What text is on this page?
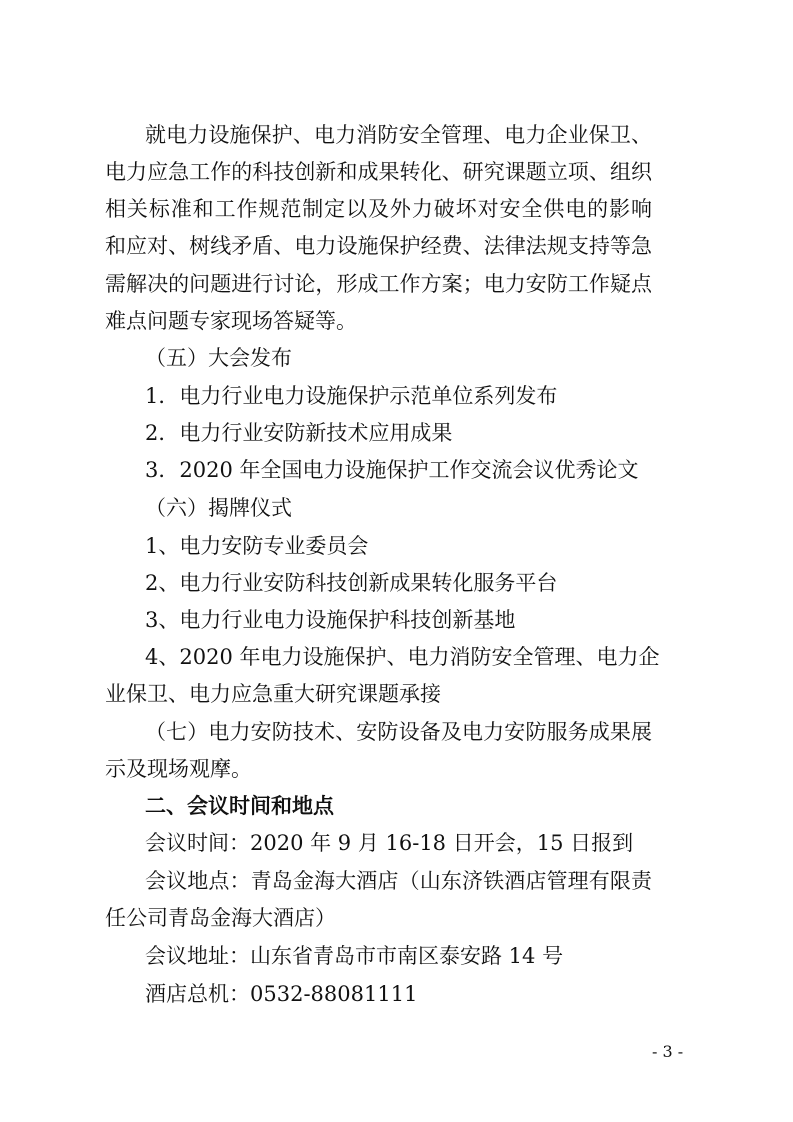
就电力设施保护、电力消防安全管理、电力企业保卫、
电力应急工作的科技创新和成果转化、研究课题立项、组织
相关标准和工作规范制定以及外力破坏对安全供电的影响
和应对、树线矛盾、电力设施保护经费、法律法规支持等急
需解决的问题进行讨论，形成工作方案；电力安防工作疑点
难点问题专家现场答疑等。
（五）大会发布
1．电力行业电力设施保护示范单位系列发布
2．电力行业安防新技术应用成果
3．2020 年全国电力设施保护工作交流会议优秀论文
（六）揭牌仪式
1、电力安防专业委员会
2、电力行业安防科技创新成果转化服务平台
3、电力行业电力设施保护科技创新基地
4、2020 年电力设施保护、电力消防安全管理、电力企
业保卫、电力应急重大研究课题承接
（七）电力安防技术、安防设备及电力安防服务成果展
示及现场观摩。
二、会议时间和地点
会议时间：2020 年 9 月 16-18 日开会，15 日报到
会议地点：青岛金海大酒店（山东济铁酒店管理有限责
任公司青岛金海大酒店）
会议地址：山东省青岛市市南区泰安路 14 号
酒店总机：0532-88081111
- 3 -
